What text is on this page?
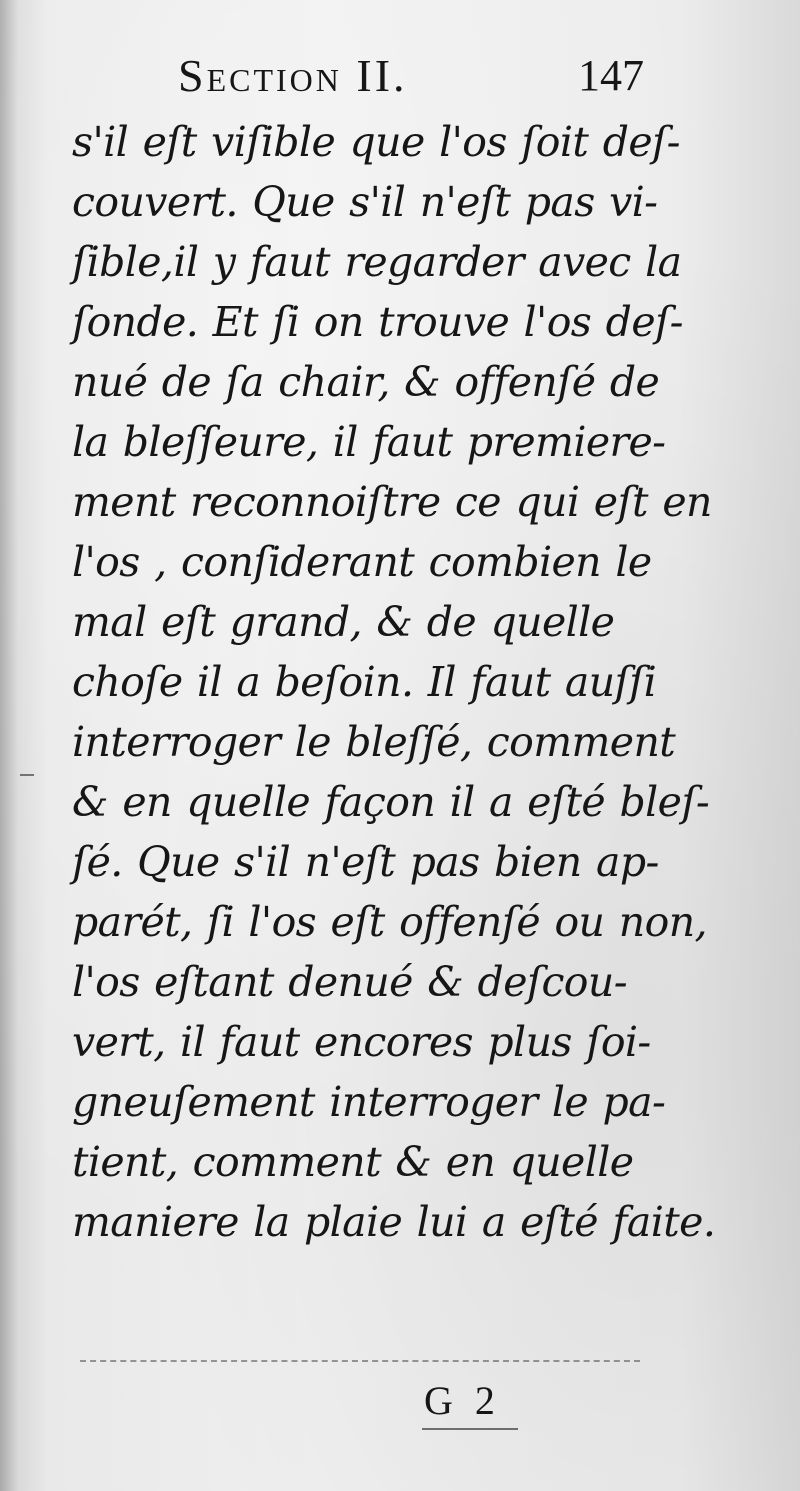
Section II.	147
s'il eſt viſible que l'os ſoit deſ-
couvert. Que s'il n'eſt pas vi-
ſible,il y faut regarder avec la
ſonde. Et ſi on trouve l'os deſ-
nué de ſa chair, & offenſé de
la bleſſeure, il faut premiere-
ment reconnoiſtre ce qui eſt en
l'os , conſiderant combien le
mal eſt grand, & de quelle
choſe il a beſoin. Il faut auſſi
interroger le bleſſé, comment
& en quelle façon il a eſté bleſ-
ſé. Que s'il n'eſt pas bien ap-
parét, ſi l'os eſt offenſé ou non,
l'os eſtant denué & deſcou-
vert, il faut encores plus ſoi-
gneuſement interroger le pa-
tient, comment & en quelle
maniere la plaie lui a eſté faite.
G 2
